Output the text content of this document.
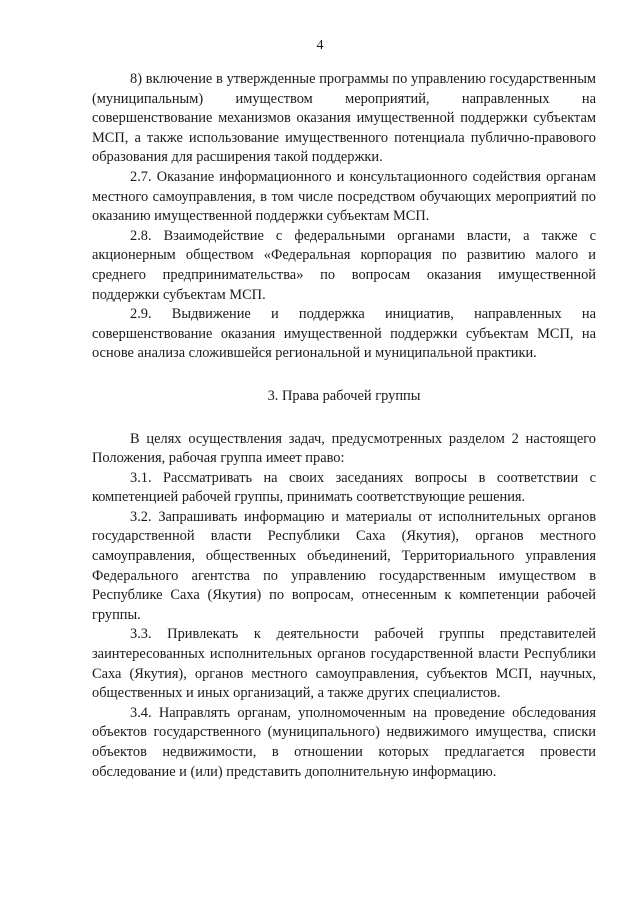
4

8) включение в утвержденные программы по управлению государственным (муниципальным) имуществом мероприятий, направленных на совершенствование механизмов оказания имущественной поддержки субъектам МСП, а также использование имущественного потенциала публично-правового образования для расширения такой поддержки.

2.7. Оказание информационного и консультационного содействия органам местного самоуправления, в том числе посредством обучающих мероприятий по оказанию имущественной поддержки субъектам МСП.

2.8. Взаимодействие с федеральными органами власти, а также с акционерным обществом «Федеральная корпорация по развитию малого и среднего предпринимательства» по вопросам оказания имущественной поддержки субъектам МСП.

2.9. Выдвижение и поддержка инициатив, направленных на совершенствование оказания имущественной поддержки субъектам МСП, на основе анализа сложившейся региональной и муниципальной практики.

3. Права рабочей группы

В целях осуществления задач, предусмотренных разделом 2 настоящего Положения, рабочая группа имеет право:

3.1. Рассматривать на своих заседаниях вопросы в соответствии с компетенцией рабочей группы, принимать соответствующие решения.

3.2. Запрашивать информацию и материалы от исполнительных органов государственной власти Республики Саха (Якутия), органов местного самоуправления, общественных объединений, Территориального управления Федерального агентства по управлению государственным имуществом в Республике Саха (Якутия) по вопросам, отнесенным к компетенции рабочей группы.

3.3. Привлекать к деятельности рабочей группы представителей заинтересованных исполнительных органов государственной власти Республики Саха (Якутия), органов местного самоуправления, субъектов МСП, научных, общественных и иных организаций, а также других специалистов.

3.4. Направлять органам, уполномоченным на проведение обследования объектов государственного (муниципального) недвижимого имущества, списки объектов недвижимости, в отношении которых предлагается провести обследование и (или) представить дополнительную информацию.
